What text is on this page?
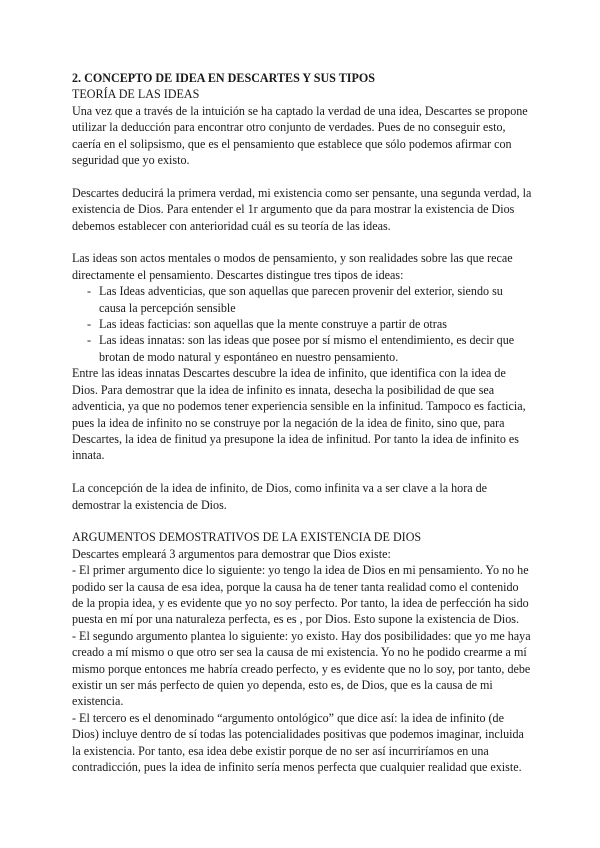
2. CONCEPTO DE IDEA EN DESCARTES Y SUS TIPOS

TEORÍA DE LAS IDEAS

Una vez que a través de la intuición se ha captado la verdad de una idea, Descartes se propone utilizar la deducción para encontrar otro conjunto de verdades. Pues de no conseguir esto, caería en el solipsismo, que es el pensamiento que establece que sólo podemos afirmar con seguridad que yo existo.

Descartes deducirá la primera verdad, mi existencia como ser pensante, una segunda verdad, la existencia de Dios. Para entender el 1r argumento que da para mostrar la existencia de Dios debemos establecer con anterioridad cuál es su teoría de las ideas.

Las ideas son actos mentales o modos de pensamiento, y son realidades sobre las que recae directamente el pensamiento. Descartes distingue tres tipos de ideas:

- Las Ideas adventicias, que son aquellas que parecen provenir del exterior, siendo su causa la percepción sensible
- Las ideas facticias: son aquellas que la mente construye a partir de otras
- Las ideas innatas: son las ideas que posee por sí mismo el entendimiento, es decir que brotan de modo natural y espontáneo en nuestro pensamiento.

Entre las ideas innatas Descartes descubre la idea de infinito, que identifica con la idea de Dios. Para demostrar que la idea de infinito es innata, desecha la posibilidad de que sea adventicia, ya que no podemos tener experiencia sensible en la infinitud. Tampoco es facticia, pues la idea de infinito no se construye por la negación de la idea de finito, sino que, para Descartes, la idea de finitud ya presupone la idea de infinitud. Por tanto la idea de infinito es innata.

La concepción de la idea de infinito, de Dios, como infinita va a ser clave a la hora de demostrar la existencia de Dios.

ARGUMENTOS DEMOSTRATIVOS DE LA EXISTENCIA DE DIOS

Descartes empleará 3 argumentos para demostrar que Dios existe:

- El primer argumento dice lo siguiente: yo tengo la idea de Dios en mi pensamiento. Yo no he podido ser la causa de esa idea, porque la causa ha de tener tanta realidad como el contenido de la propia idea, y es evidente que yo no soy perfecto. Por tanto, la idea de perfección ha sido puesta en mí por una naturaleza perfecta, es es , por Dios. Esto supone la existencia de Dios.

- El segundo argumento plantea lo siguiente: yo existo. Hay dos posibilidades: que yo me haya creado a mí mismo o que otro ser sea la causa de mi existencia. Yo no he podido crearme a mí mismo porque entonces me habría creado perfecto, y es evidente que no lo soy, por tanto, debe existir un ser más perfecto de quien yo dependa, esto es, de Dios, que es la causa de mi existencia.

- El tercero es el denominado “argumento ontológico” que dice así: la idea de infinito (de Dios) incluye dentro de sí todas las potencialidades positivas que podemos imaginar, incluida la existencia. Por tanto, esa idea debe existir porque de no ser así incurriríamos en una contradicción, pues la idea de infinito sería menos perfecta que cualquier realidad que existe.
